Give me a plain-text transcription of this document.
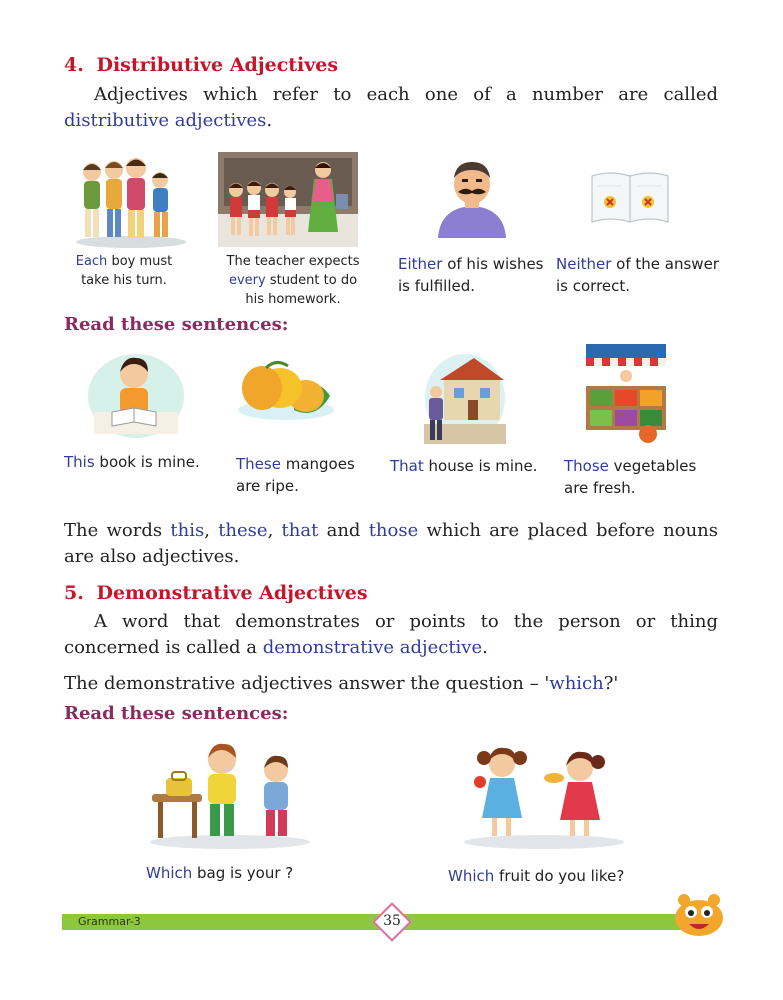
4. Distributive Adjectives
Adjectives which refer to each one of a number are called distributive adjectives.
Each boy must
take his turn.
The teacher expects
every student to do
his homework.
Either of his wishes
is fulfilled.
Neither of the answer
is correct.
Read these sentences:
This book is mine.	These mangoes
are ripe.
That house is mine.	Those vegetables
are fresh.
The words this, these, that and those which are placed before nouns are also adjectives.
5. Demonstrative Adjectives
A word that demonstrates or points to the person or thing concerned is called a demonstrative adjective.
The demonstrative adjectives answer the question – 'which?'
Read these sentences:
Which bag is your ?	Which fruit do you like?
Grammar-3	35
